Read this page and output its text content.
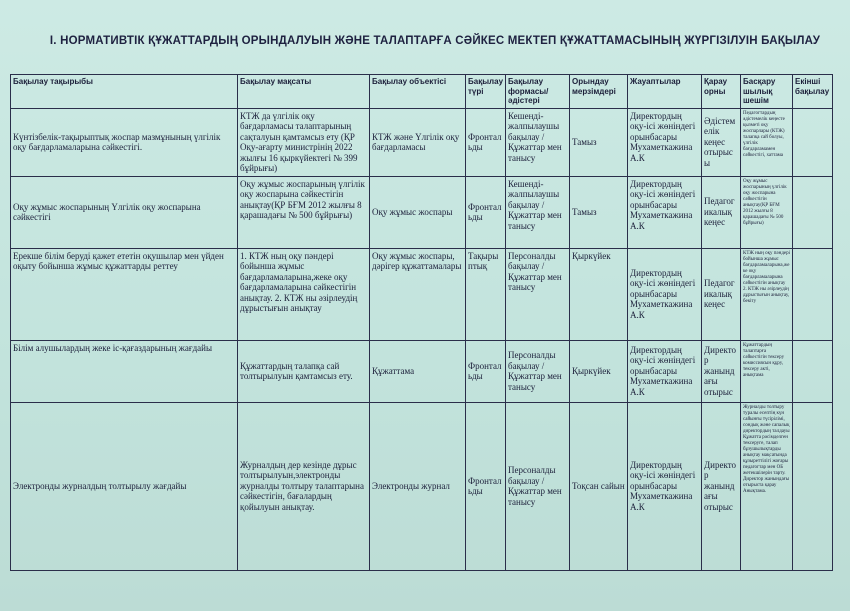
I. НОРМАТИВТІК ҚҰЖАТТАРДЫҢ ОРЫНДАЛУЫН ЖӘНЕ ТАЛАПТАРҒА СӘЙКЕС МЕКТЕП ҚҰЖАТТАМАСЫНЫҢ ЖҮРГІЗІЛУІН БАҚЫЛАУ
Бақылау тақырыбы	Бақылау мақсаты	Бақылау объектісі	Бақылау түрі	Бақылау формасы/ әдістері	Орындау мерзімдері	Жауаптылар	Қарау орны	Басқару шылық шешім	Екінші бақылау
Күнтізбелік-тақырыптық жоспар мазмұнының үлгілік оқу бағдарламаларына сәйкестігі.	КТЖ да үлгілік оқу бағдарламасы талаптарының сақталуын қамтамсыз ету (ҚР Оқу-ағарту министрінің 2022 жылғы 16 қыркүйектегі № 399 бұйрығы)	КТЖ және Үлгілік оқу бағдарламасы	Фронтальды	Кешенді-жалпылаушы бақылау / Құжаттар мен танысу	Тамыз	Директордың оқу-ісі жөніндегі орынбасары Мухаметкажина А.К	Әдістемелік кеңес отырысы	Педагогтардың әдістемелік кеңесте қызметі оқу жоспарлары (КТЖ) талапқа сай болуы, үлгілік бағдарламамен сәйкестігі, хаттама	
Оқу жұмыс жоспарының Үлгілік оқу жоспарына сәйкестігі	Оқу жұмыс жоспарының үлгілік оқу жоспарына сәйкестігін анықтау(ҚР БҒМ 2012 жылғы 8 қарашадағы № 500 бұйрығы)	Оқу жұмыс жоспары	Фронтальды	Кешенді-жалпылаушы бақылау / Құжаттар мен танысу	Тамыз	Директордың оқу-ісі жөніндегі орынбасары Мухаметкажина А.К	Педагогикалық кеңес	Оқу жұмыс жоспарының үлгілік оқу жоспарына сәйкестігін анықтау(ҚР БҒМ 2012 жылғы 8 қарашадағы № 500 бұйрығы)	
Ерекше білім беруді қажет ететін оқушылар мен үйден оқыту бойынша жұмыс құжаттарды реттеу	1. КТЖ ның оқу пәндері бойынша жұмыс бағдарламаларына,жеке оқу бағдарламаларына сәйкестігін анықтау. 2. КТЖ ны әзірлеудің дұрыстығын анықтау	Оқу жұмыс жоспары, дәрігер құжаттамалары	Тақырыптық	Персоналды бақылау / Құжаттар мен танысу	Қыркүйек	Директордың оқу-ісі жөніндегі орынбасары Мухаметкажина А.К	Педагогикалық кеңес	КТЖ ның оқу пәндері бойынша жұмыс бағдарламаларына,жеке оқу бағдарламаларына сәйкестігін анықтау 2. КТЖ ны әзірлеудің дұрыстығын анықтау, бекіту	
Білім алушылардың жеке іс-қағаздарының жағдайы	Құжаттардың талапқа сай толтырылуын қамтамсыз ету.	Құжаттама	Фронтальды	Персоналды бақылау / Құжаттар мен танысу	Қыркүйек	Директордың оқу-ісі жөніндегі орынбасары Мухаметкажина А.К	Директор жанындағы отырыс	Құжаттардың талаптарға сәйкестігін тексеру комиссиясын құру, тексеру акті, анықтама	
Электронды журналдың толтырылу жағдайы	Журналдың дер кезінде дұрыс толтырылуын,электронды журналды толтыру талаптарына сәйкестігін, бағалардың қойылуын анықтау.	Электронды журнал	Фронтальды	Персоналды бақылау / Құжаттар мен танысу	Тоқсан сайын	Директордың оқу-ісі жөніндегі орынбасары Мухаметкажина А.К	Директор жанындағы отырыс	Журналды толтыру туралы есептің күн сайынғы түсірілімі, сондық және сапалық директордың талдауы Құжатта рәсімделген тексеруге, талап бұзушылықтарды анықтау мақсатында құзыреттілігі жоғары педагогтар мен ОБ жетекшілерін тарту. Директор жанындағы отырыста қарау Анықтама.	
